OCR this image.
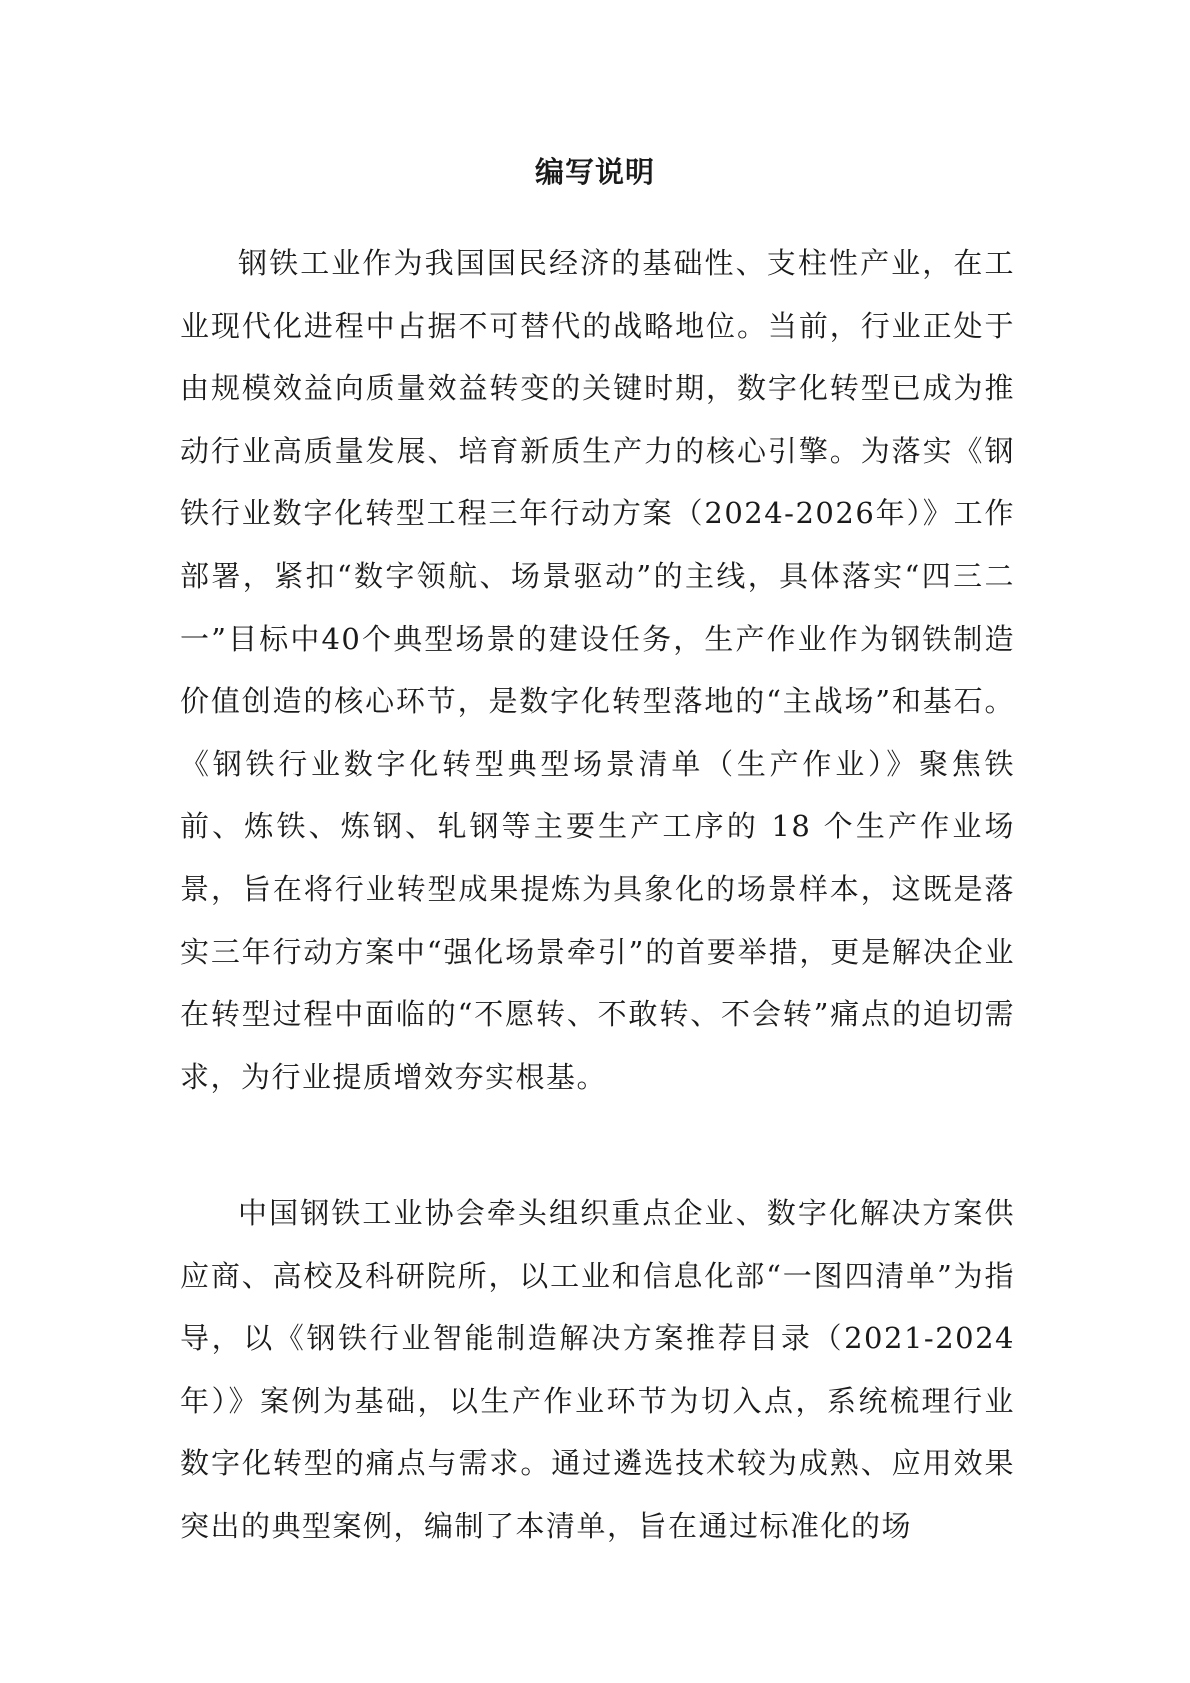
编写说明

钢铁工业作为我国国民经济的基础性、支柱性产业，在工业现代化进程中占据不可替代的战略地位。当前，行业正处于由规模效益向质量效益转变的关键时期，数字化转型已成为推动行业高质量发展、培育新质生产力的核心引擎。为落实《钢铁行业数字化转型工程三年行动方案（2024-2026年）》工作部署，紧扣“数字领航、场景驱动”的主线，具体落实“四三二一”目标中40个典型场景的建设任务，生产作业作为钢铁制造价值创造的核心环节，是数字化转型落地的“主战场”和基石。《钢铁行业数字化转型典型场景清单（生产作业）》聚焦铁前、炼铁、炼钢、轧钢等主要生产工序的 18 个生产作业场景，旨在将行业转型成果提炼为具象化的场景样本，这既是落实三年行动方案中“强化场景牵引”的首要举措，更是解决企业在转型过程中面临的“不愿转、不敢转、不会转”痛点的迫切需求，为行业提质增效夯实根基。

中国钢铁工业协会牵头组织重点企业、数字化解决方案供应商、高校及科研院所，以工业和信息化部“一图四清单”为指导，以《钢铁行业智能制造解决方案推荐目录（2021-2024年）》案例为基础，以生产作业环节为切入点，系统梳理行业数字化转型的痛点与需求。通过遴选技术较为成熟、应用效果突出的典型案例，编制了本清单，旨在通过标准化的场
